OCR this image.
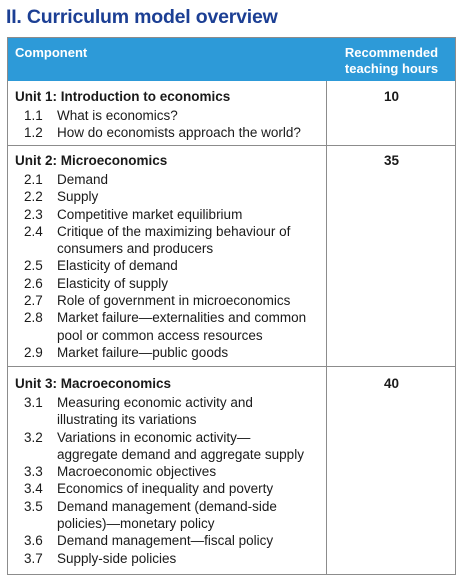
II. Curriculum model overview
Component	Recommended teaching hours
Unit 1: Introduction to economics	10
1.1	What is economics?
1.2	How do economists approach the world?
Unit 2: Microeconomics	35
2.1	Demand
2.2	Supply
2.3	Competitive market equilibrium
2.4	Critique of the maximizing behaviour of
consumers and producers
2.5	Elasticity of demand
2.6	Elasticity of supply
2.7	Role of government in microeconomics
2.8	Market failure—externalities and common
pool or common access resources
2.9	Market failure—public goods
Unit 3: Macroeconomics	40
3.1	Measuring economic activity and
illustrating its variations
3.2	Variations in economic activity—
aggregate demand and aggregate supply
3.3	Macroeconomic objectives
3.4	Economics of inequality and poverty
3.5	Demand management (demand-side
policies)—monetary policy
3.6	Demand management—fiscal policy
3.7	Supply-side policies
